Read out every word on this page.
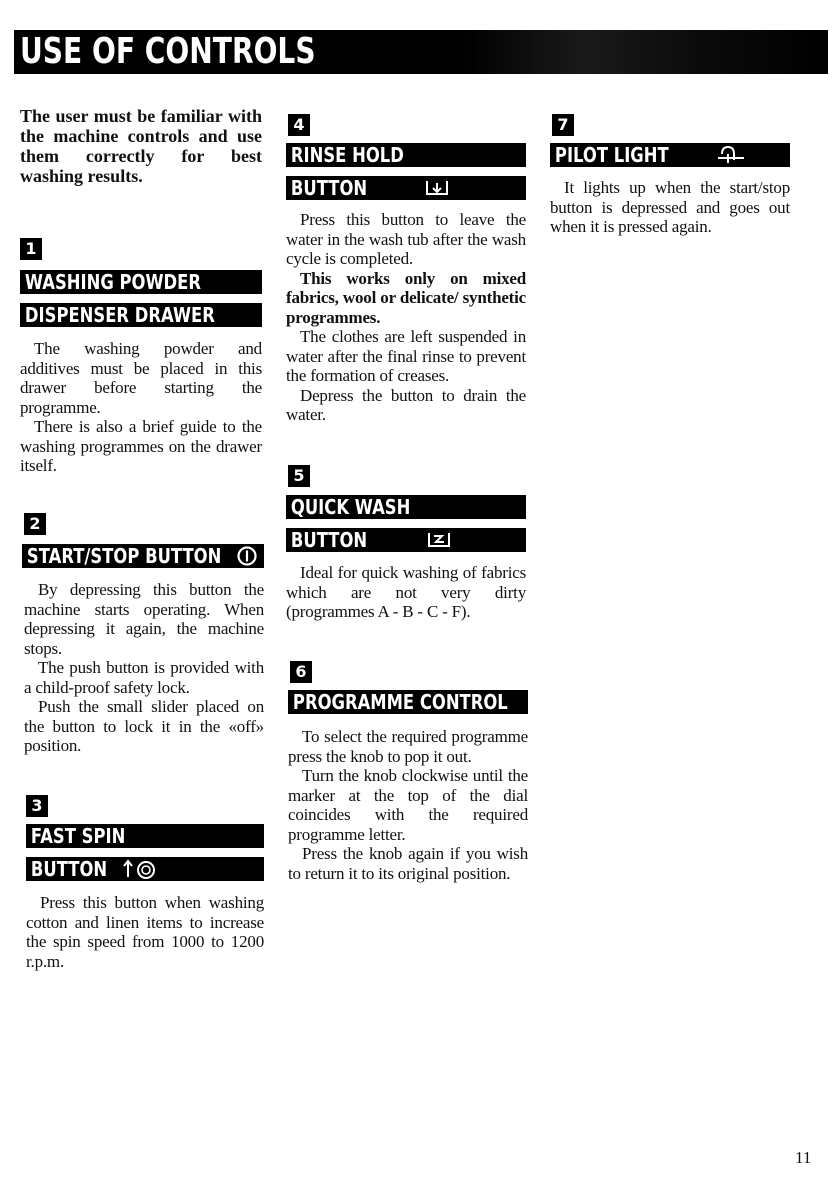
USE OF CONTROLS
The user must be familiar with the machine controls and use them correctly for best washing results.
1
WASHING POWDER
DISPENSER DRAWER

The washing powder and additives must be placed in this drawer before starting the programme.

There is also a brief guide to the washing programmes on the drawer itself.

2
START/STOP BUTTON

By depressing this button the machine starts operating. When depressing it again, the machine stops.

The push button is provided with a child-proof safety lock.

Push the small slider placed on the button to lock it in the «off» position.

3
FAST SPIN
BUTTON

Press this button when washing cotton and linen items to increase the spin speed from 1000 to 1200 r.p.m.

4
RINSE HOLD
BUTTON

Press this button to leave the water in the wash tub after the wash cycle is completed.

This works only on mixed fabrics, wool or delicate/ synthetic programmes.

The clothes are left suspended in water after the final rinse to prevent the formation of creases.

Depress the button to drain the water.

5
QUICK WASH
BUTTON

Ideal for quick washing of fabrics which are not very dirty (programmes A - B - C - F).

6
PROGRAMME CONTROL

To select the required programme press the knob to pop it out.

Turn the knob clockwise until the marker at the top of the dial coincides with the required programme letter.

Press the knob again if you wish to return it to its original position.

7
PILOT LIGHT

It lights up when the start/stop button is depressed and goes out when it is pressed again.

11
